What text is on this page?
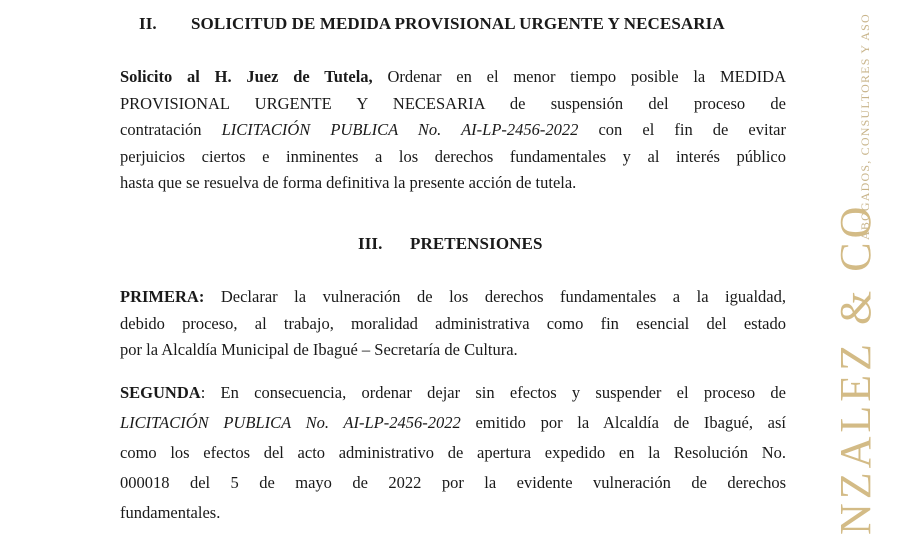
II. SOLICITUD DE MEDIDA PROVISIONAL URGENTE Y NECESARIA
Solicito al H. Juez de Tutela, Ordenar en el menor tiempo posible la MEDIDA
PROVISIONAL URGENTE Y NECESARIA de suspensión del proceso de
contratación LICITACIÓN PUBLICA No. AI-LP-2456-2022 con el fin de evitar
perjuicios ciertos e inminentes a los derechos fundamentales y al interés público
hasta que se resuelva de forma definitiva la presente acción de tutela.
III. PRETENSIONES
PRIMERA: Declarar la vulneración de los derechos fundamentales a la igualdad,
debido proceso, al trabajo, moralidad administrativa como fin esencial del estado
por la Alcaldía Municipal de Ibagué – Secretaría de Cultura.
SEGUNDA: En consecuencia, ordenar dejar sin efectos y suspender el proceso de
LICITACIÓN PUBLICA No. AI-LP-2456-2022 emitido por la Alcaldía de Ibagué, así
como los efectos del acto administrativo de apertura expedido en la Resolución No.
000018 del 5 de mayo de 2022 por la evidente vulneración de derechos
fundamentales.
ABOGADOS, CONSULTORES Y ASO
NZALEZ & CO
